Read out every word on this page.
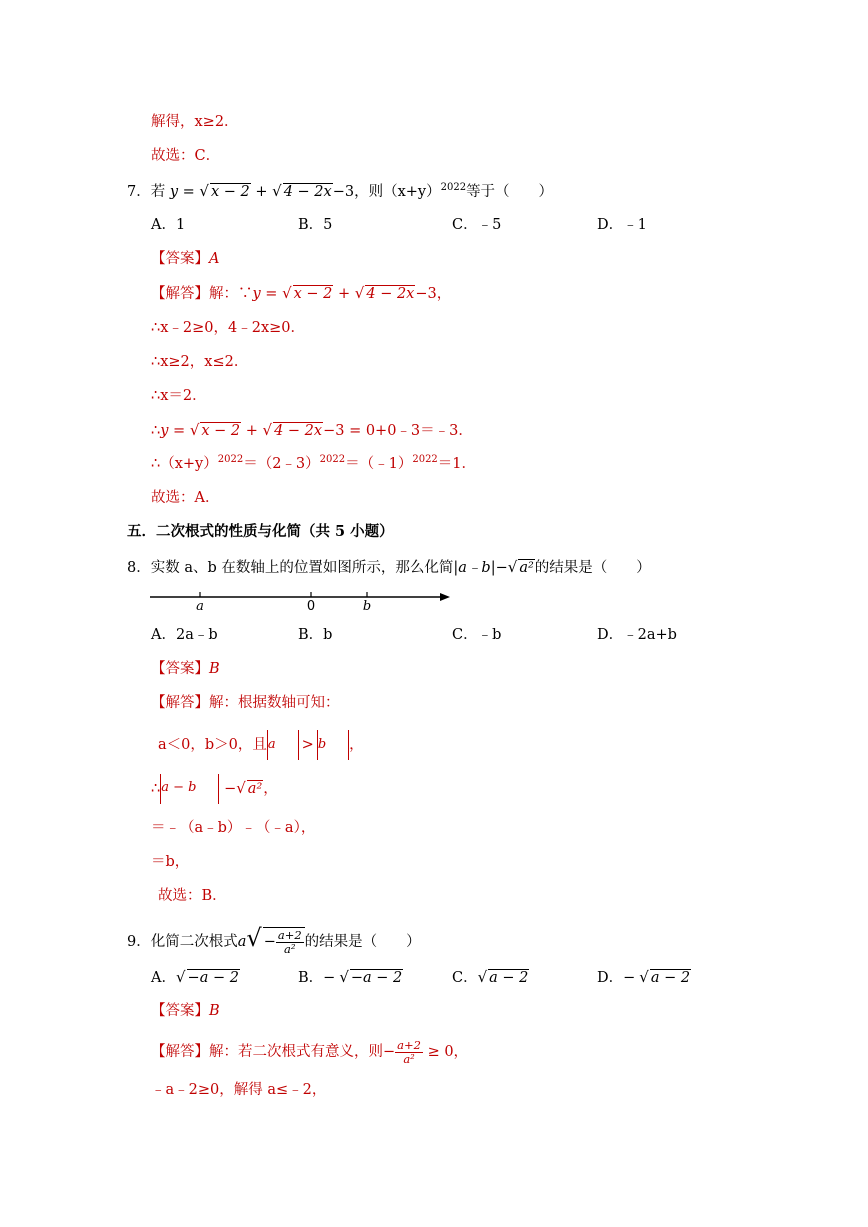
解得，x≥2．
故选：C．
7．若 y = √ x − 2 + √ 4 − 2x−3，则$(x+y)^{2022}$等于（　　）
A．1	B．5	C．﹣5	D．﹣1
【答案】A
【解答】解：∵y = √ x − 2 + √ 4 − 2x−3，
∴x﹣2≥0，4﹣2x≥0．
∴x≥2，x≤2．
∴x＝2．
∴y = √ x − 2 + √ 4 − 2x−3 = 0+0﹣3＝﹣3．
$\therefore(x+y)^{2022}=(2﹣3)^{2022}=(﹣1)^{2022}=1$．
故选：A．
五．二次根式的性质与化简（共 5 小题）
8．实数 a、b 在数轴上的位置如图所示，那么化简|a﹣b|−√ a²的结果是（　　）
a	0	b
A．2a﹣b	B．b	C．﹣b	D．﹣2a+b
【答案】B
【解答】解：根据数轴可知：
a＜0，b＞0，且a > b ，
∴a − b −√ a²，
＝﹣（a﹣b）﹣（﹣a），
＝b，
故选：B．
9．化简二次根式$a√ - \frac{a+2}{\text{a²}}$ 的结果是（　　）
A．√ −a − 2	B．− √ −a − 2	C．√ a − 2	D．− √ a − 2
【答案】B
【解答】解：若二次根式有意义，则− $\frac{a+2}{\text{a²}} \ge 0$，
﹣a﹣2≥0，解得 a≤﹣2，
